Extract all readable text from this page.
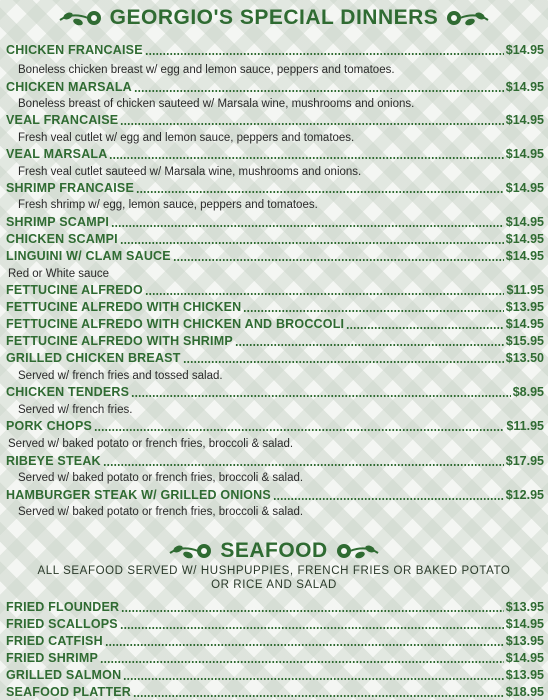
GEORGIO'S SPECIAL DINNERS
CHICKEN FRANCAISE	$14.95
Boneless chicken breast w/ egg and lemon sauce, peppers and tomatoes.
CHICKEN MARSALA	$14.95
Boneless breast of chicken sauteed w/ Marsala wine, mushrooms and onions.
VEAL FRANCAISE	$14.95
Fresh veal cutlet w/ egg and lemon sauce, peppers and tomatoes.
VEAL MARSALA	$14.95
Fresh veal cutlet sauteed w/ Marsala wine, mushrooms and onions.
SHRIMP FRANCAISE	$14.95
Fresh shrimp w/ egg, lemon sauce, peppers and tomatoes.
SHRIMP SCAMPI	$14.95
CHICKEN SCAMPI	$14.95
LINGUINI W/ CLAM SAUCE	$14.95
Red or White sauce
FETTUCINE ALFREDO	$11.95
FETTUCINE ALFREDO WITH CHICKEN	$13.95
FETTUCINE ALFREDO WITH CHICKEN AND BROCCOLI	$14.95
FETTUCINE ALFREDO WITH SHRIMP	$15.95
GRILLED CHICKEN BREAST	$13.50
Served w/ french fries and tossed salad.
CHICKEN TENDERS	$8.95
Served w/ french fries.
PORK CHOPS	$11.95
Served w/ baked potato or french fries, broccoli & salad.
RIBEYE STEAK	$17.95
Served w/ baked potato or french fries, broccoli & salad.
HAMBURGER STEAK W/ GRILLED ONIONS	$12.95
Served w/ baked potato or french fries, broccoli & salad.
SEAFOOD
ALL SEAFOOD SERVED W/ HUSHPUPPIES, FRENCH FRIES OR BAKED POTATO
OR RICE AND SALAD
FRIED FLOUNDER	$13.95
FRIED SCALLOPS	$14.95
FRIED CATFISH	$13.95
FRIED SHRIMP	$14.95
GRILLED SALMON	$13.95
SEAFOOD PLATTER	$18.95
